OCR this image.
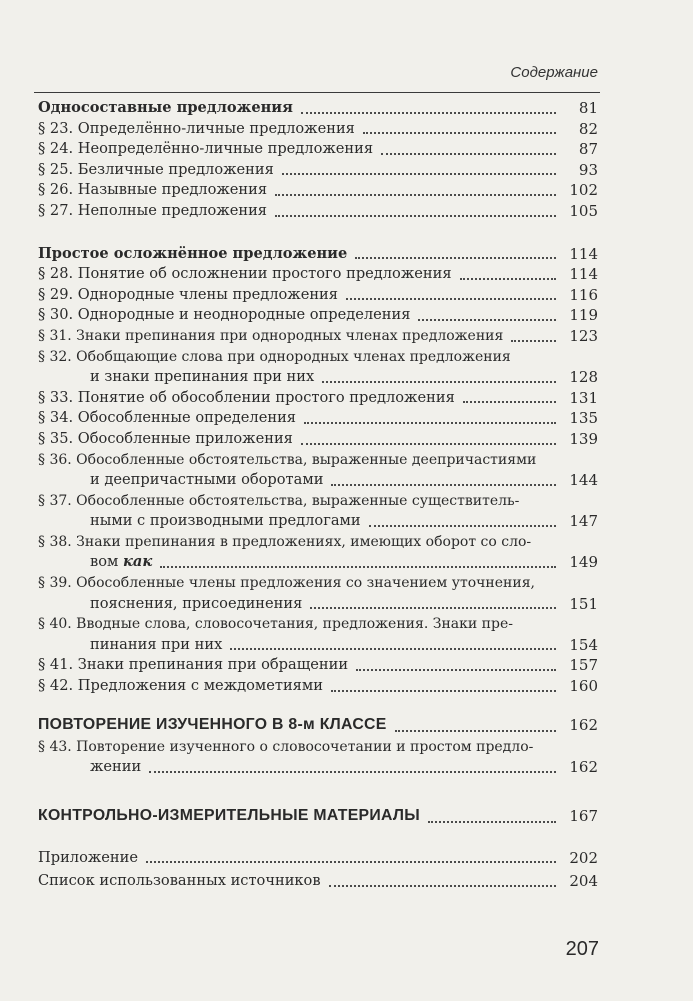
Содержание
Односоставные предложения	81
§ 23. Определённо-личные предложения	82
§ 24. Неопределённо-личные предложения	87
§ 25. Безличные предложения	93
§ 26. Назывные предложения	102
§ 27. Неполные предложения	105
Простое осложнённое предложение	114
§ 28. Понятие об осложнении простого предложения	114
§ 29. Однородные члены предложения	116
§ 30. Однородные и неоднородные определения	119
§ 31. Знаки препинания при однородных членах предложения	123
§ 32. Обобщающие слова при однородных членах предложения
и знаки препинания при них	128
§ 33. Понятие об обособлении простого предложения	131
§ 34. Обособленные определения	135
§ 35. Обособленные приложения	139
§ 36. Обособленные обстоятельства, выраженные деепричастиями
и деепричастными оборотами	144
§ 37. Обособленные обстоятельства, выраженные существитель-
ными с производными предлогами	147
§ 38. Знаки препинания в предложениях, имеющих оборот со сло-
вом как	149
§ 39. Обособленные члены предложения со значением уточнения,
пояснения, присоединения	151
§ 40. Вводные слова, словосочетания, предложения. Знаки пре-
пинания при них	154
§ 41. Знаки препинания при обращении	157
§ 42. Предложения с междометиями	160
ПОВТОРЕНИЕ ИЗУЧЕННОГО В 8-м КЛАССЕ	162
§ 43. Повторение изученного о словосочетании и простом предло-
жении	162
КОНТРОЛЬНО-ИЗМЕРИТЕЛЬНЫЕ МАТЕРИАЛЫ	167
Приложение	202
Список использованных источников	204
207
